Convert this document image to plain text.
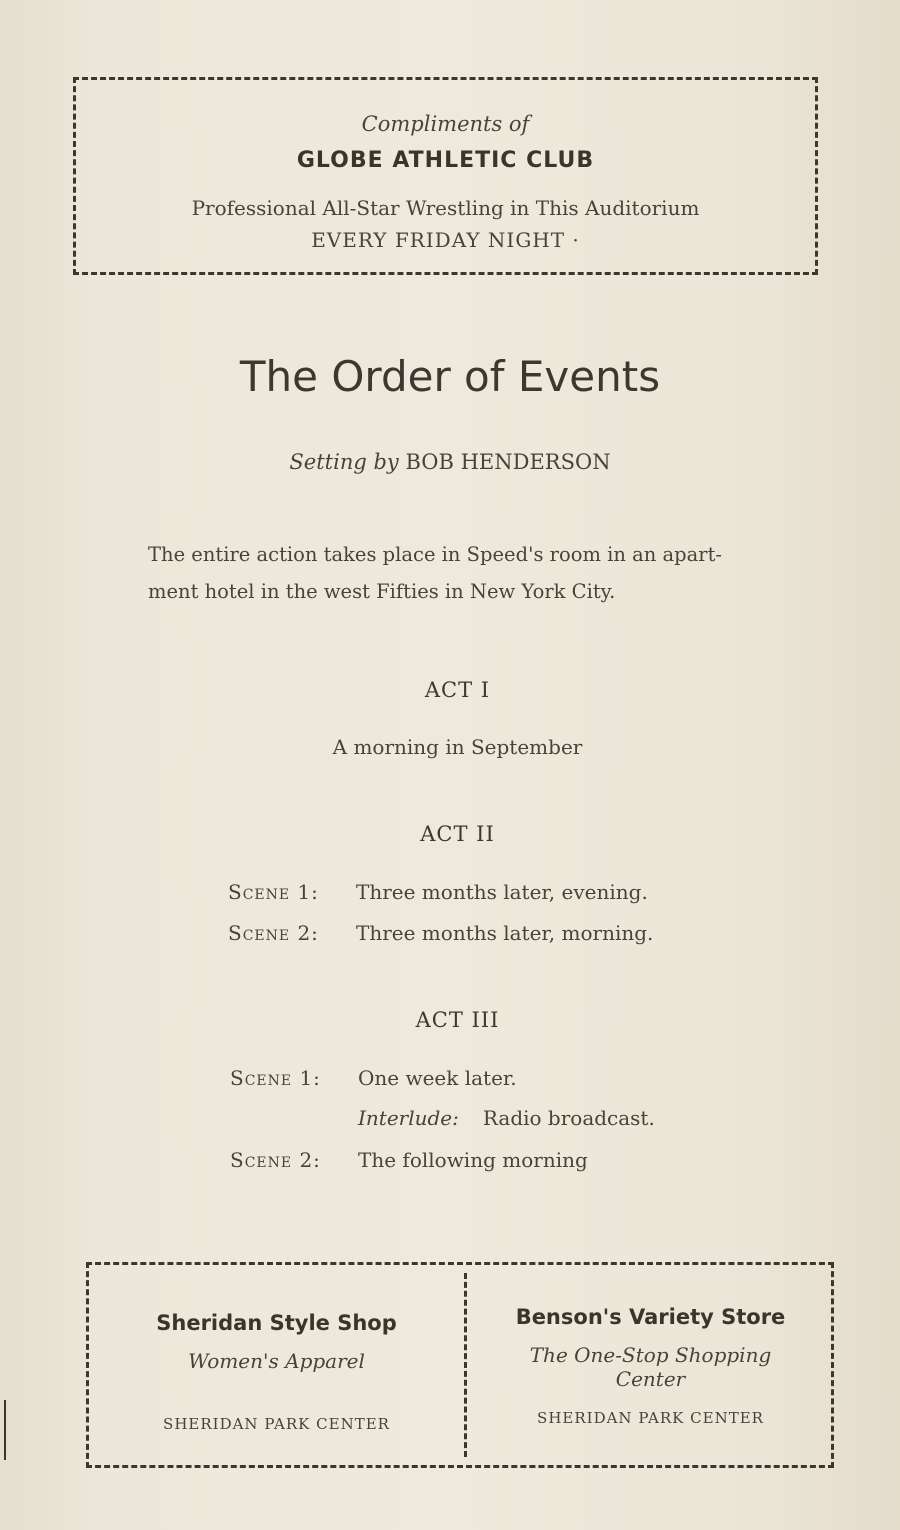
Compliments of
GLOBE ATHLETIC CLUB
Professional All-Star Wrestling in This Auditorium
EVERY FRIDAY NIGHT ·
The Order of Events
Setting by BOB HENDERSON
The entire action takes place in Speed's room in an apart-ment hotel in the west Fifties in New York City.
ACT I
A morning in September
ACT II
Scene 1: Three months later, evening.
Scene 2: Three months later, morning.
ACT III
Scene 1: One week later.
Interlude: Radio broadcast.
Scene 2: The following morning
Sheridan Style Shop
Women's Apparel
SHERIDAN PARK CENTER
Benson's Variety Store
The One-Stop Shopping
Center
SHERIDAN PARK CENTER
